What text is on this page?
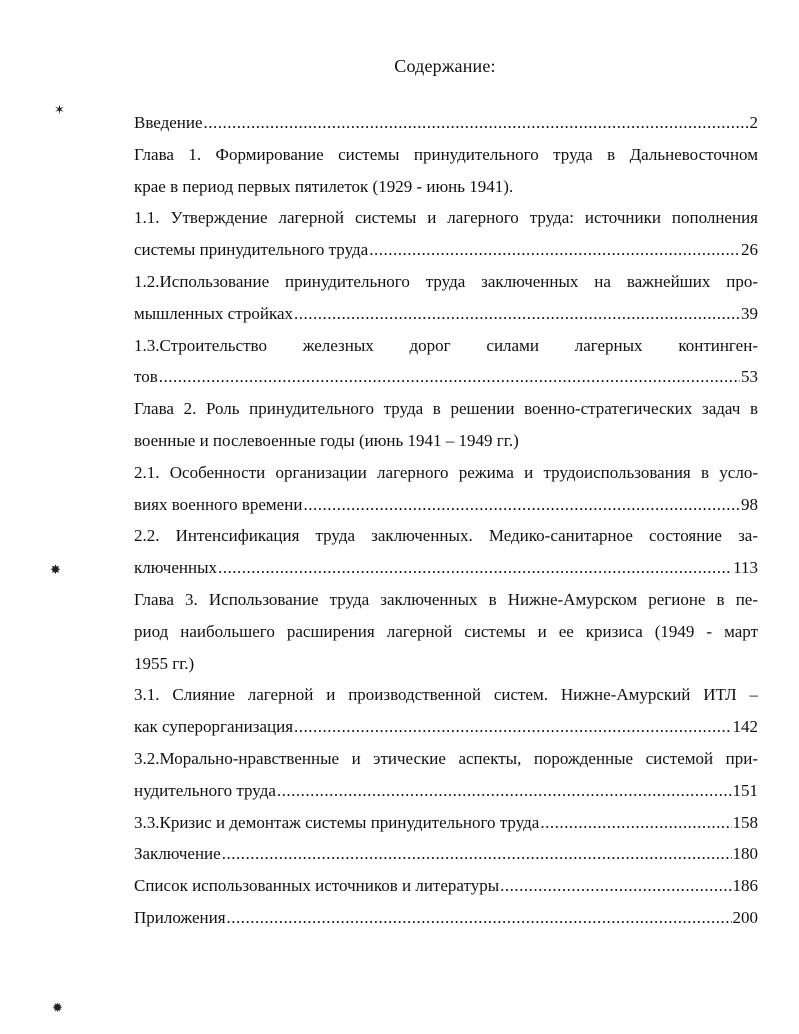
Содержание:
✶
✸
✹
Введение .....	2
Глава 1. Формирование системы принудительного труда в Дальневосточном
крае в период первых пятилеток (1929 - июнь 1941).
1.1. Утверждение лагерной системы и лагерного труда: источники пополнения
системы принудительного труда .....	26
1.2.Использование принудительного труда заключенных на важнейших про-
мышленных стройках .....	39
1.3.Строительство железных дорог силами лагерных континген-
тов .....	53
Глава 2. Роль принудительного труда в решении военно-стратегических задач в
военные и послевоенные годы (июнь 1941 – 1949 гг.)
2.1. Особенности организации лагерного режима и трудоиспользования в усло-
виях военного времени .....	98
2.2. Интенсификация труда заключенных. Медико-санитарное состояние за-
ключенных .....	113
Глава 3. Использование труда заключенных в Нижне-Амурском регионе в пе-
риод наибольшего расширения лагерной системы и ее кризиса (1949 - март
1955 гг.)
3.1. Слияние лагерной и производственной систем. Нижне-Амурский ИТЛ –
как суперорганизация .....	142
3.2.Морально-нравственные и этические аспекты, порожденные системой при-
нудительного труда .....	151
3.3.Кризис и демонтаж системы принудительного труда .....	158
Заключение .....	180
Список использованных источников и литературы .....	186
Приложения .....	200
